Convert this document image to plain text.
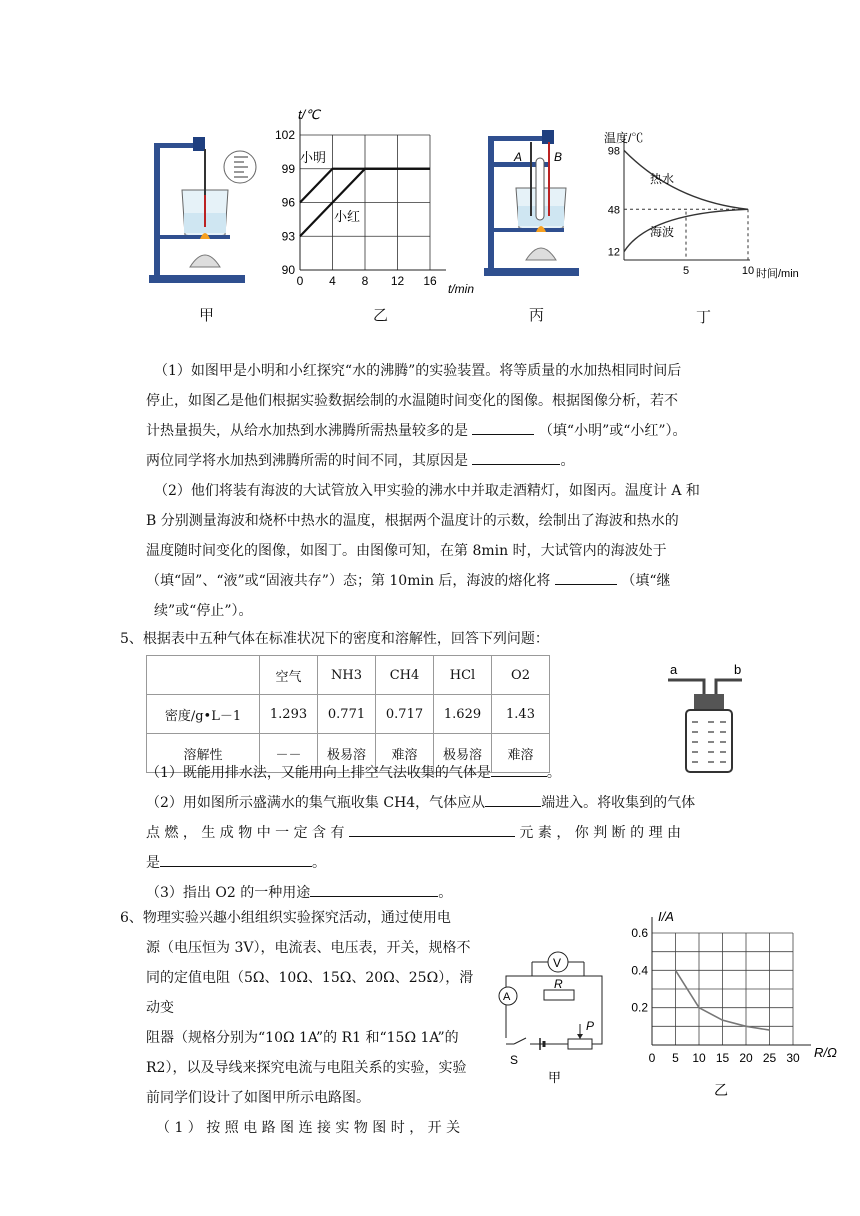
甲
0 4 8 12 16
90
93
96
99
102
t/℃
t/min
小明
小红
乙
A	B
丙
12
48
98
5	10
温度/℃
时间/min
热水
海波
丁

（1）如图甲是小明和小红探究“水的沸腾”的实验装置。将等质量的水加热相同时间后

停止，如图乙是他们根据实验数据绘制的水温随时间变化的图像。根据图像分析，若不

计热量损失，从给水加热到水沸腾所需热量较多的是	（填“小明”或“小红”）。

两位同学将水加热到沸腾所需的时间不同，其原因是	。

（2）他们将装有海波的大试管放入甲实验的沸水中并取走酒精灯，如图丙。温度计 A 和

B 分别测量海波和烧杯中热水的温度，根据两个温度计的示数，绘制出了海波和热水的

温度随时间变化的图像，如图丁。由图像可知，在第 8min 时，大试管内的海波处于

（填“固”、“液”或“固液共存”）态；第 10min 后，海波的熔化将	（填“继

续”或“停止”）。

5、根据表中五种气体在标准状况下的密度和溶解性，回答下列问题：
	空气	NH3	CH4	HCl	O2
密度/g•L－1	1.293	0.771	0.717	1.629	1.43
溶解性	－－	极易溶	难溶	极易溶	难溶
a	b

（1）既能用排水法，又能用向上排空气法收集的气体是	。

（2）用如图所示盛满水的集气瓶收集 CH4，气体应从	端进入。将收集到的气体

点 燃 ， 生 成 物 中 一 定 含 有	元 素 ， 你 判 断 的 理 由

是	。

（3）指出 O2 的一种用途	。

6、物理实验兴趣小组组织实验探究活动，通过使用电
源（电压恒为 3V），电流表、电压表，开关，规格不
同的定值电阻（5Ω、10Ω、15Ω、20Ω、25Ω），滑动变
阻器（规格分别为“10Ω 1A”的 R1 和“15Ω 1A”的
R2），以及导线来探究电流与电阻关系的实验，实验
前同学们设计了如图甲所示电路图。
（ 1 ） 按 照 电 路 图 连 接 实 物 图 时 ， 开 关
V
A
R
P
S
甲
0 5 10 15 20 25 30
0.2
0.4
0.6
I/A
R/Ω
乙
